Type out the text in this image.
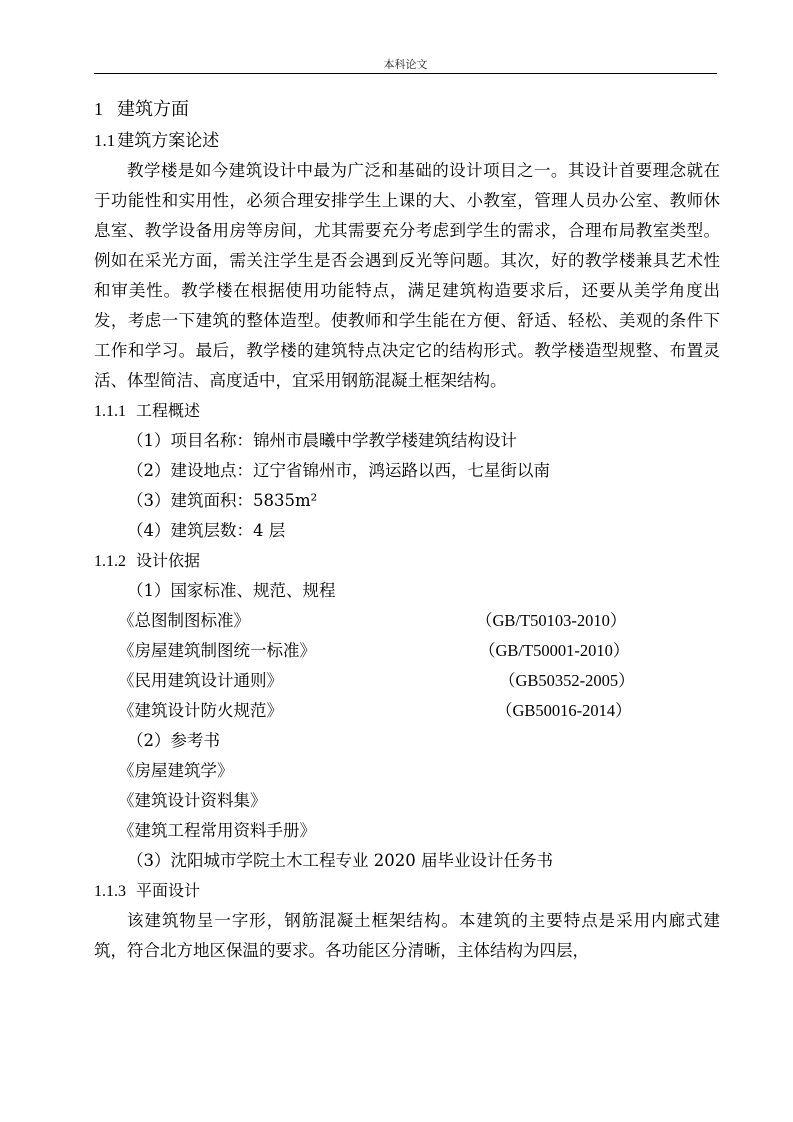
本科论文
1 建筑方面
1.1 建筑方案论述

教学楼是如今建筑设计中最为广泛和基础的设计项目之一。其设计首要理念就在于功能性和实用性，必须合理安排学生上课的大、小教室，管理人员办公室、教师休息室、教学设备用房等房间，尤其需要充分考虑到学生的需求，合理布局教室类型。例如在采光方面，需关注学生是否会遇到反光等问题。其次，好的教学楼兼具艺术性和审美性。教学楼在根据使用功能特点，满足建筑构造要求后，还要从美学角度出发，考虑一下建筑的整体造型。使教师和学生能在方便、舒适、轻松、美观的条件下工作和学习。最后，教学楼的建筑特点决定它的结构形式。教学楼造型规整、布置灵活、体型简洁、高度适中，宜采用钢筋混凝土框架结构。

1.1.1 工程概述
（1）项目名称：锦州市晨曦中学教学楼建筑结构设计
（2）建设地点：辽宁省锦州市，鸿运路以西，七星街以南
（3）建筑面积：5835m²
（4）建筑层数：4 层
1.1.2 设计依据
（1）国家标准、规范、规程
《总图制图标准》	（GB/T50103-2010）
《房屋建筑制图统一标准》	（GB/T50001-2010）
《民用建筑设计通则》	（GB50352-2005）
《建筑设计防火规范》	（GB50016-2014）
（2）参考书
《房屋建筑学》
《建筑设计资料集》
《建筑工程常用资料手册》
（3）沈阳城市学院土木工程专业 2020 届毕业设计任务书
1.1.3 平面设计

该建筑物呈一字形，钢筋混凝土框架结构。本建筑的主要特点是采用内廊式建筑，符合北方地区保温的要求。各功能区分清晰，主体结构为四层，
